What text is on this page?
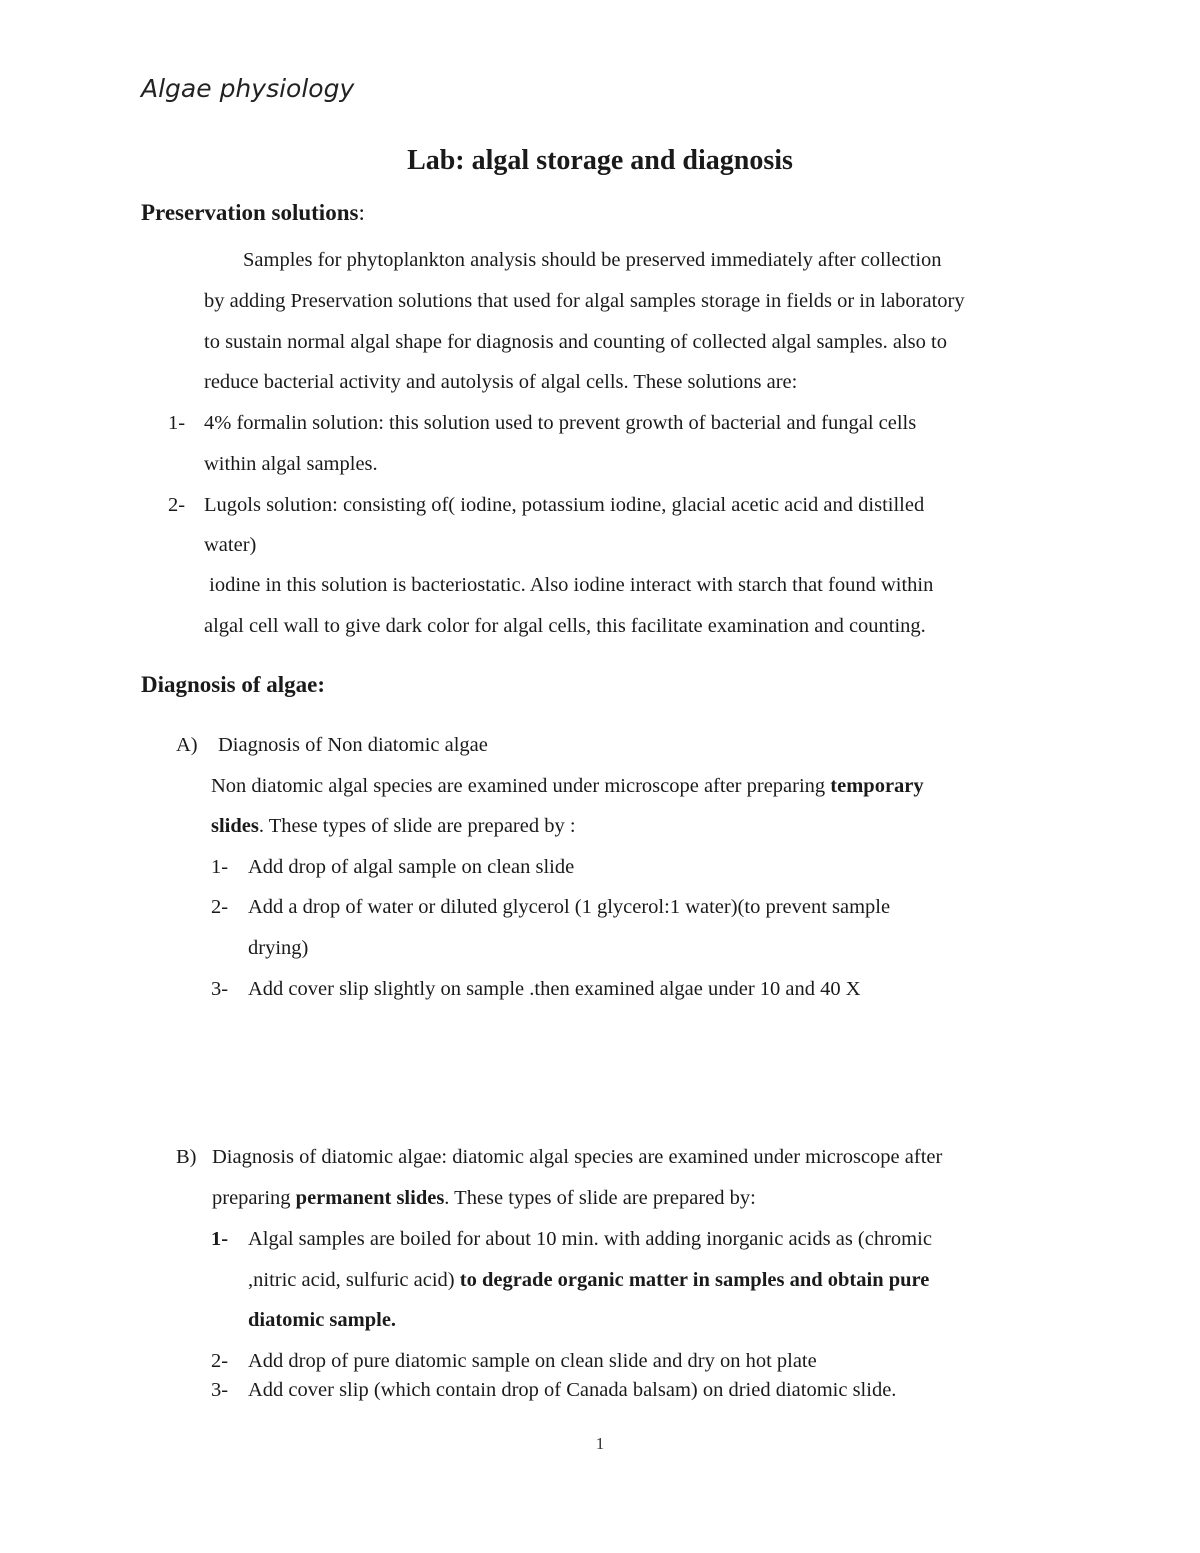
Algae physiology
Lab: algal storage and diagnosis
Preservation solutions:
Samples for phytoplankton analysis should be preserved immediately after collection
by adding Preservation solutions that used for algal samples storage in fields or in laboratory
to sustain normal algal shape for diagnosis and counting of collected algal samples. also to
reduce bacterial activity and autolysis of algal cells. These solutions are:
1- 4% formalin solution: this solution used to prevent growth of bacterial and fungal cells
within algal samples.
2- Lugols solution: consisting of( iodine, potassium iodine, glacial acetic acid and distilled
water)
iodine in this solution is bacteriostatic. Also iodine interact with starch that found within
algal cell wall to give dark color for algal cells, this facilitate examination and counting.
Diagnosis of algae:
A) Diagnosis of Non diatomic algae
Non diatomic algal species are examined under microscope after preparing temporary
slides. These types of slide are prepared by :
1- Add drop of algal sample on clean slide
2- Add a drop of water or diluted glycerol (1 glycerol:1 water)(to prevent sample
drying)
3- Add cover slip slightly on sample .then examined algae under 10 and 40 X
B) Diagnosis of diatomic algae: diatomic algal species are examined under microscope after
preparing permanent slides. These types of slide are prepared by:
1- Algal samples are boiled for about 10 min. with adding inorganic acids as (chromic
,nitric acid, sulfuric acid) to degrade organic matter in samples and obtain pure
diatomic sample.
2- Add drop of pure diatomic sample on clean slide and dry on hot plate
3- Add cover slip (which contain drop of Canada balsam) on dried diatomic slide.
1
